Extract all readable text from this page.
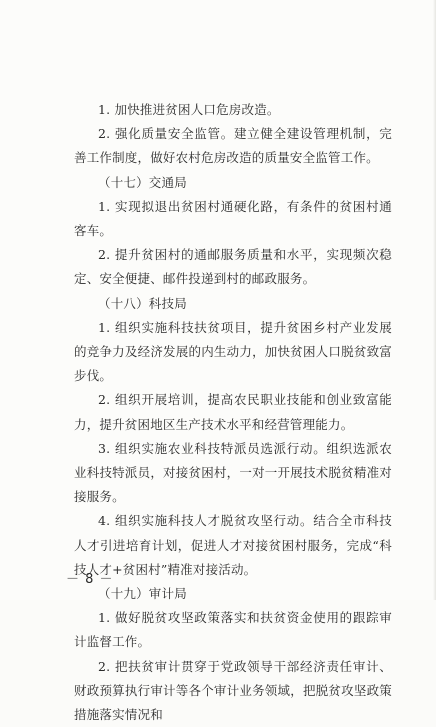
1. 加快推进贫困人口危房改造。

2. 强化质量安全监管。建立健全建设管理机制，完善工作制度，做好农村危房改造的质量安全监管工作。

（十七）交通局

1. 实现拟退出贫困村通硬化路，有条件的贫困村通客车。

2. 提升贫困村的通邮服务质量和水平，实现频次稳定、安全便捷、邮件投递到村的邮政服务。

（十八）科技局

1. 组织实施科技扶贫项目，提升贫困乡村产业发展的竞争力及经济发展的内生动力，加快贫困人口脱贫致富步伐。

2. 组织开展培训，提高农民职业技能和创业致富能力，提升贫困地区生产技术水平和经营管理能力。

3. 组织实施农业科技特派员选派行动。组织选派农业科技特派员，对接贫困村，一对一开展技术脱贫精准对接服务。

4. 组织实施科技人才脱贫攻坚行动。结合全市科技人才引进培育计划，促进人才对接贫困村服务，完成“科技人才+贫困村”精准对接活动。

（十九）审计局

1. 做好脱贫攻坚政策落实和扶贫资金使用的跟踪审计监督工作。

2. 把扶贫审计贯穿于党政领导干部经济责任审计、财政预算执行审计等各个审计业务领域，把脱贫攻坚政策措施落实情况和

－ 8 －
